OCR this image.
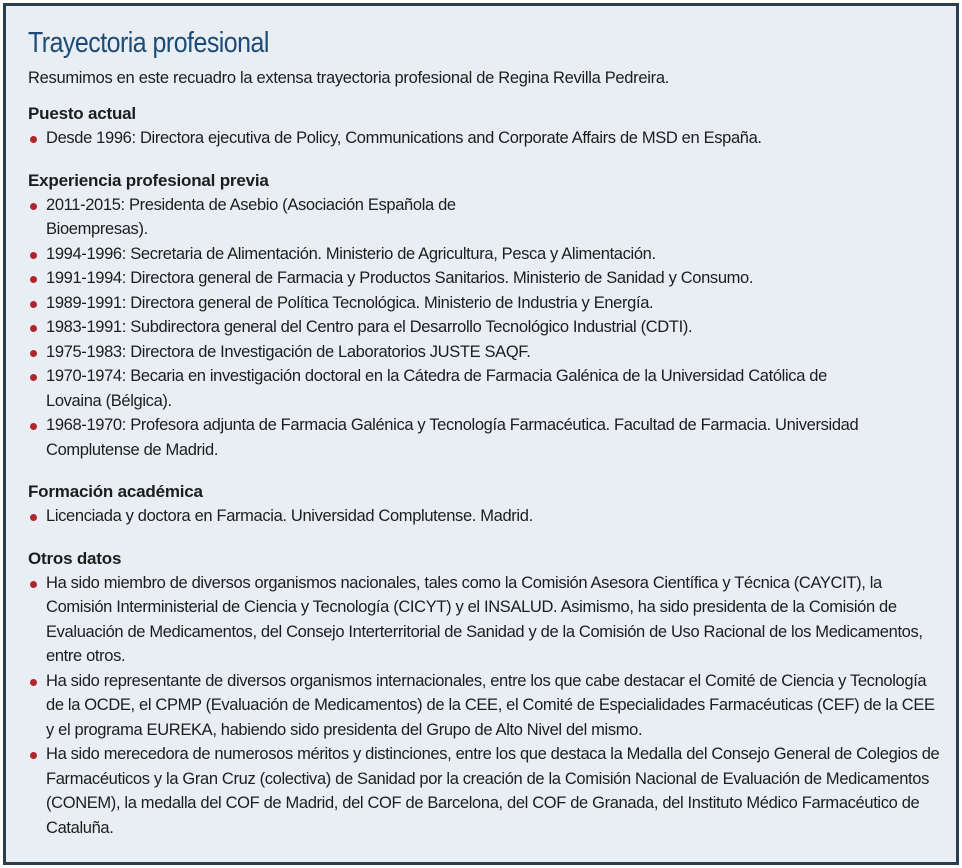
Trayectoria profesional

Resumimos en este recuadro la extensa trayectoria profesional de Regina Revilla Pedreira.

Puesto actual
Desde 1996: Directora ejecutiva de Policy, Communications and Corporate Affairs de MSD en España.
Experiencia profesional previa
2011-2015: Presidenta de Asebio (Asociación Española de Bioempresas).
1994-1996: Secretaria de Alimentación. Ministerio de Agricultura, Pesca y Alimentación.
1991-1994: Directora general de Farmacia y Productos Sanitarios. Ministerio de Sanidad y Consumo.
1989-1991: Directora general de Política Tecnológica. Ministerio de Industria y Energía.
1983-1991: Subdirectora general del Centro para el Desarrollo Tecnológico Industrial (CDTI).
1975-1983: Directora de Investigación de Laboratorios JUSTE SAQF.
1970-1974: Becaria en investigación doctoral en la Cátedra de Farmacia Galénica de la Universidad Católica de Lovaina (Bélgica).
1968-1970: Profesora adjunta de Farmacia Galénica y Tecnología Farmacéutica. Facultad de Farmacia. Universidad Complutense de Madrid.
Formación académica
Licenciada y doctora en Farmacia. Universidad Complutense. Madrid.
Otros datos
Ha sido miembro de diversos organismos nacionales, tales como la Comisión Asesora Científica y Técnica (CAYCIT), la Comisión Interministerial de Ciencia y Tecnología (CICYT) y el INSALUD. Asimismo, ha sido presidenta de la Comisión de Evaluación de Medicamentos, del Consejo Interterritorial de Sanidad y de la Comisión de Uso Racional de los Medicamentos, entre otros.
Ha sido representante de diversos organismos internacionales, entre los que cabe destacar el Comité de Ciencia y Tecnología de la OCDE, el CPMP (Evaluación de Medicamentos) de la CEE, el Comité de Especialidades Farmacéuticas (CEF) de la CEE y el programa EUREKA, habiendo sido presidenta del Grupo de Alto Nivel del mismo.
Ha sido merecedora de numerosos méritos y distinciones, entre los que destaca la Medalla del Consejo General de Colegios de Farmacéuticos y la Gran Cruz (colectiva) de Sanidad por la creación de la Comisión Nacional de Evaluación de Medicamentos (CONEM), la medalla del COF de Madrid, del COF de Barcelona, del COF de Granada, del Instituto Médico Farmacéutico de Cataluña.
